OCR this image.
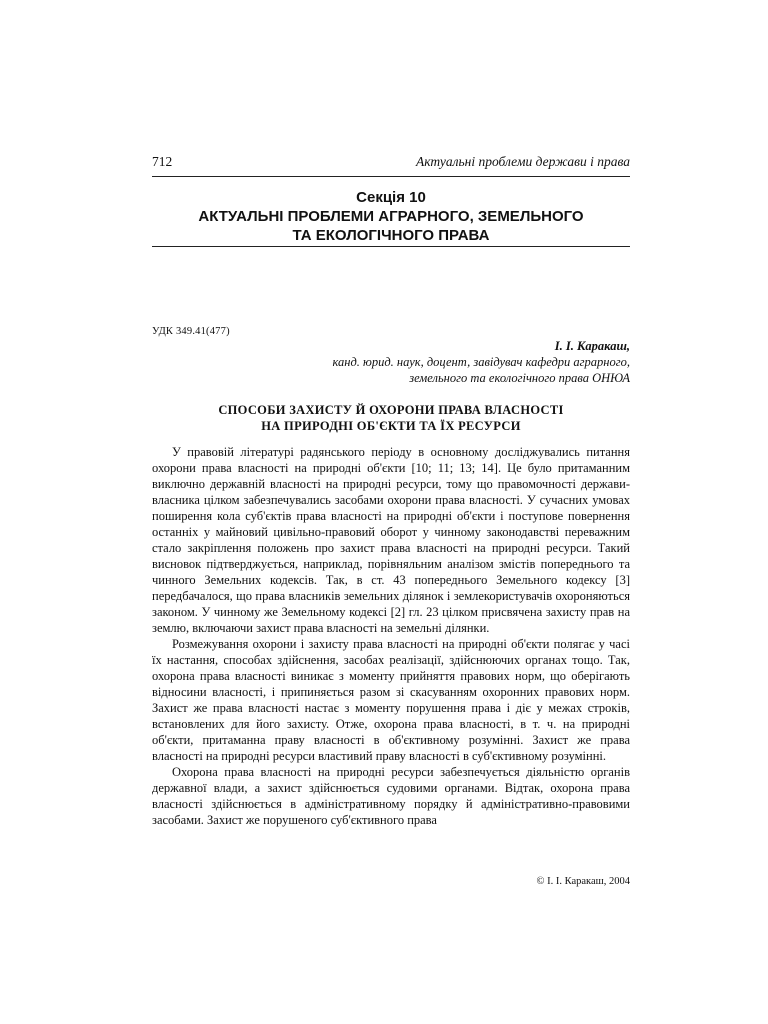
712	Актуальні проблеми держави і права
Секція 10
АКТУАЛЬНІ ПРОБЛЕМИ АГРАРНОГО, ЗЕМЕЛЬНОГО
ТА ЕКОЛОГІЧНОГО ПРАВА
УДК 349.41(477)
І. І. Каракаш,
канд. юрид. наук, доцент, завідувач кафедри аграрного,
земельного та екологічного права ОНЮА
СПОСОБИ ЗАХИСТУ Й ОХОРОНИ ПРАВА ВЛАСНОСТІ
НА ПРИРОДНІ ОБ'ЄКТИ ТА ЇХ РЕСУРСИ

У правовій літературі радянського періоду в основному досліджувались питання охорони права власності на природні об'єкти [10; 11; 13; 14]. Це було притаманним виключно державній власності на природні ресурси, тому що правомочності держави-власника цілком забезпечувались засобами охорони права власності. У сучасних умовах поширення кола суб'єктів права власності на природні об'єкти і поступове повернення останніх у майновий цивільно-правовий оборот у чинному законодавстві переважним стало закріплення положень про захист права власності на природні ресурси. Такий висновок підтверджується, наприклад, порівняльним аналізом змістів попереднього та чинного Земельних кодексів. Так, в ст. 43 попереднього Земельного кодексу [3] передбачалося, що права власників земельних ділянок і землекористувачів охороняються законом. У чинному же Земельному кодексі [2] гл. 23 цілком присвячена захисту прав на землю, включаючи захист права власності на земельні ділянки.

Розмежування охорони і захисту права власності на природні об'єкти полягає у часі їх настання, способах здійснення, засобах реалізації, здійснюючих органах тощо. Так, охорона права власності виникає з моменту прийняття правових норм, що оберігають відносини власності, і припиняється разом зі скасуванням охоронних правових норм. Захист же права власності настає з моменту порушення права і діє у межах строків, встановлених для його захисту. Отже, охорона права власності, в т. ч. на природні об'єкти, притаманна праву власності в об'єктивному розумінні. Захист же права власності на природні ресурси властивий праву власності в суб'єктивному розумінні.

Охорона права власності на природні ресурси забезпечується діяльністю органів державної влади, а захист здійснюється судовими органами. Відтак, охорона права власності здійснюється в адміністративному порядку й адміністративно-правовими засобами. Захист же порушеного суб'єктивного права

© І. І. Каракаш, 2004
